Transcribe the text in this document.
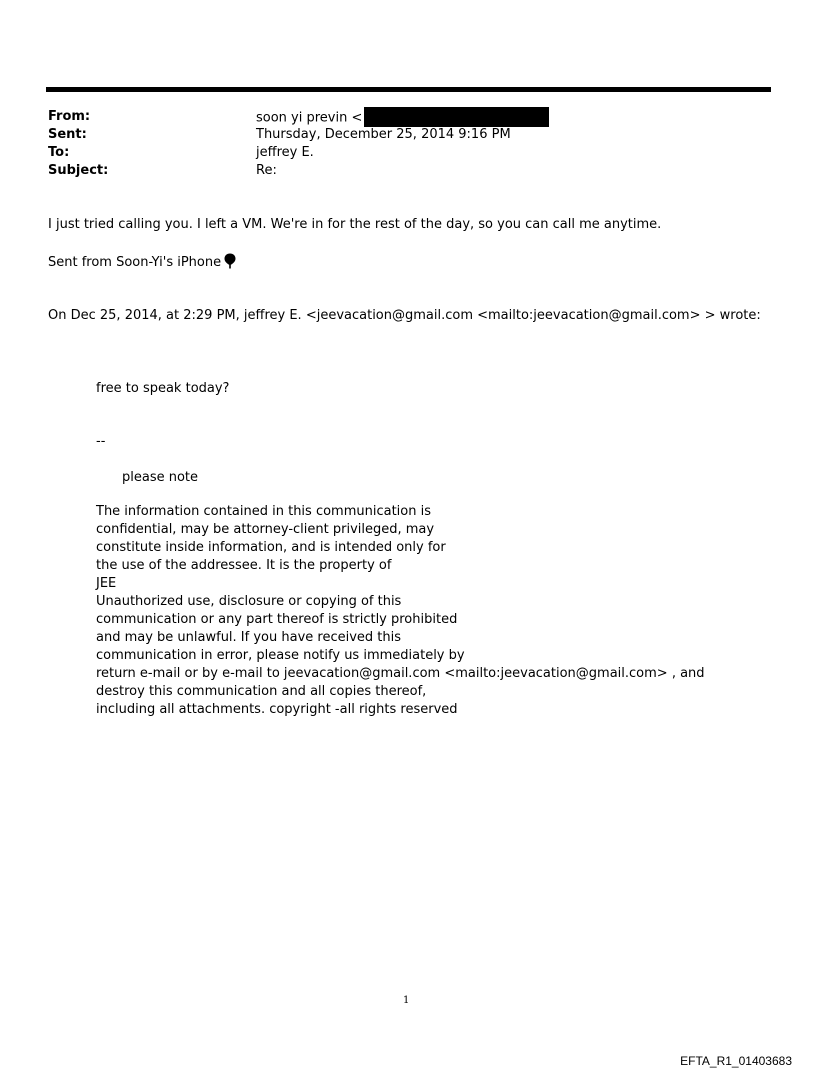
From:	soon yi previn <
Sent:	Thursday, December 25, 2014 9:16 PM
To:	jeffrey E.
Subject:	Re:
I just tried calling you. I left a VM. We're in for the rest of the day, so you can call me anytime.
Sent from Soon-Yi's iPhone
On Dec 25, 2014, at 2:29 PM, jeffrey E. <jeevacation@gmail.com <mailto:jeevacation@gmail.com> > wrote:
free to speak today?
--
please note
The information contained in this communication is
confidential, may be attorney-client privileged, may
constitute inside information, and is intended only for
the use of the addressee. It is the property of
JEE
Unauthorized use, disclosure or copying of this
communication or any part thereof is strictly prohibited
and may be unlawful. If you have received this
communication in error, please notify us immediately by
return e-mail or by e-mail to jeevacation@gmail.com <mailto:jeevacation@gmail.com> , and
destroy this communication and all copies thereof,
including all attachments. copyright -all rights reserved
1
EFTA_R1_01403683
